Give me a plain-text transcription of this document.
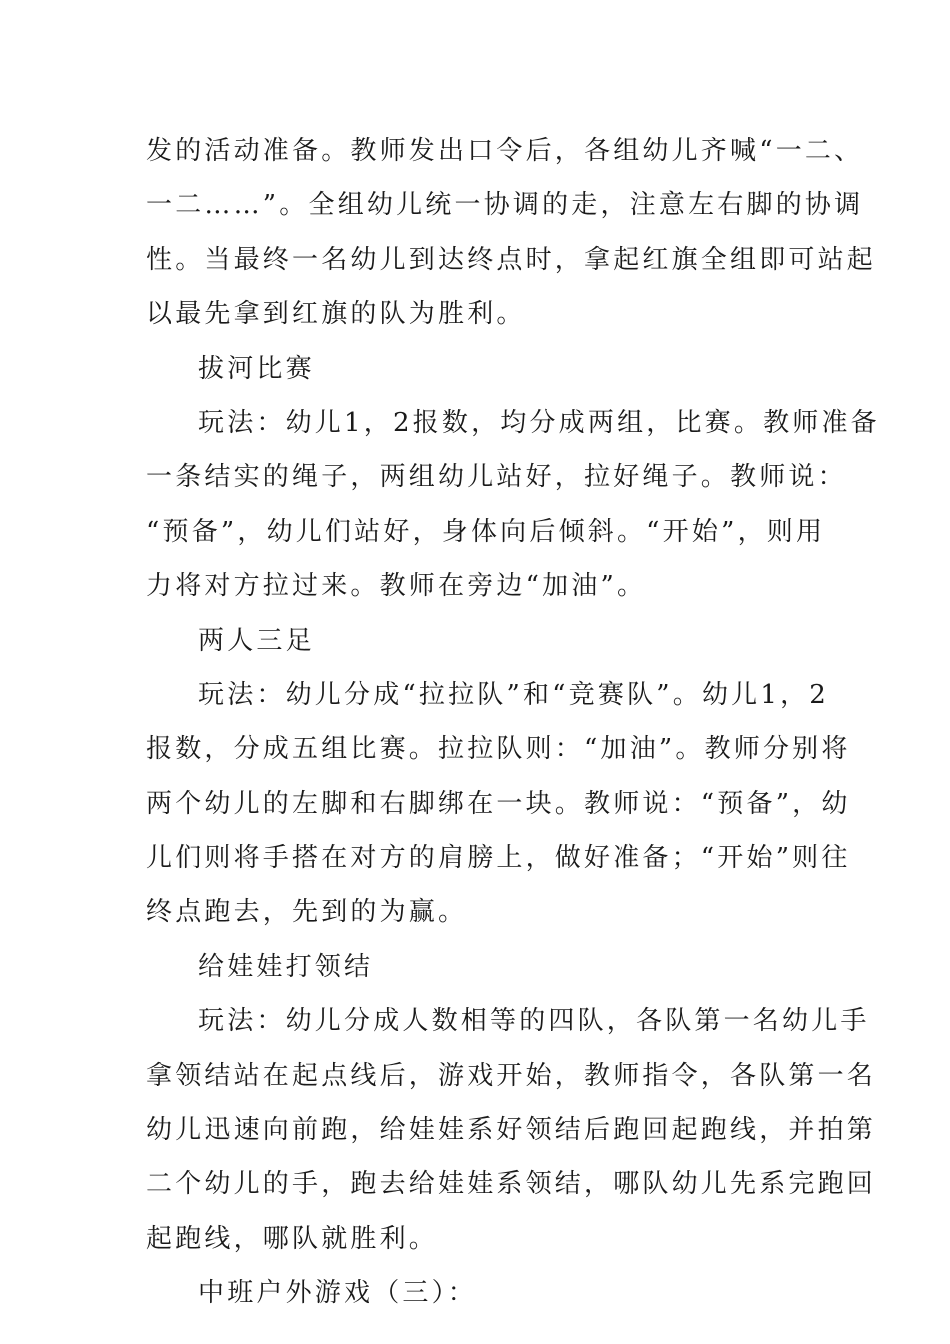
发的活动准备。教师发出口令后，各组幼儿齐喊“一二、
一二……”。全组幼儿统一协调的走，注意左右脚的协调
性。当最终一名幼儿到达终点时，拿起红旗全组即可站起
以最先拿到红旗的队为胜利。
拔河比赛
玩法：幼儿1，2报数，均分成两组，比赛。教师准备
一条结实的绳子，两组幼儿站好，拉好绳子。教师说：
“预备”，幼儿们站好，身体向后倾斜。“开始”，则用
力将对方拉过来。教师在旁边“加油”。
两人三足
玩法：幼儿分成“拉拉队”和“竞赛队”。幼儿1，2
报数，分成五组比赛。拉拉队则：“加油”。教师分别将
两个幼儿的左脚和右脚绑在一块。教师说：“预备”，幼
儿们则将手搭在对方的肩膀上，做好准备；“开始”则往
终点跑去，先到的为赢。
给娃娃打领结
玩法：幼儿分成人数相等的四队，各队第一名幼儿手
拿领结站在起点线后，游戏开始，教师指令，各队第一名
幼儿迅速向前跑，给娃娃系好领结后跑回起跑线，并拍第
二个幼儿的手，跑去给娃娃系领结，哪队幼儿先系完跑回
起跑线，哪队就胜利。
中班户外游戏（三）：
